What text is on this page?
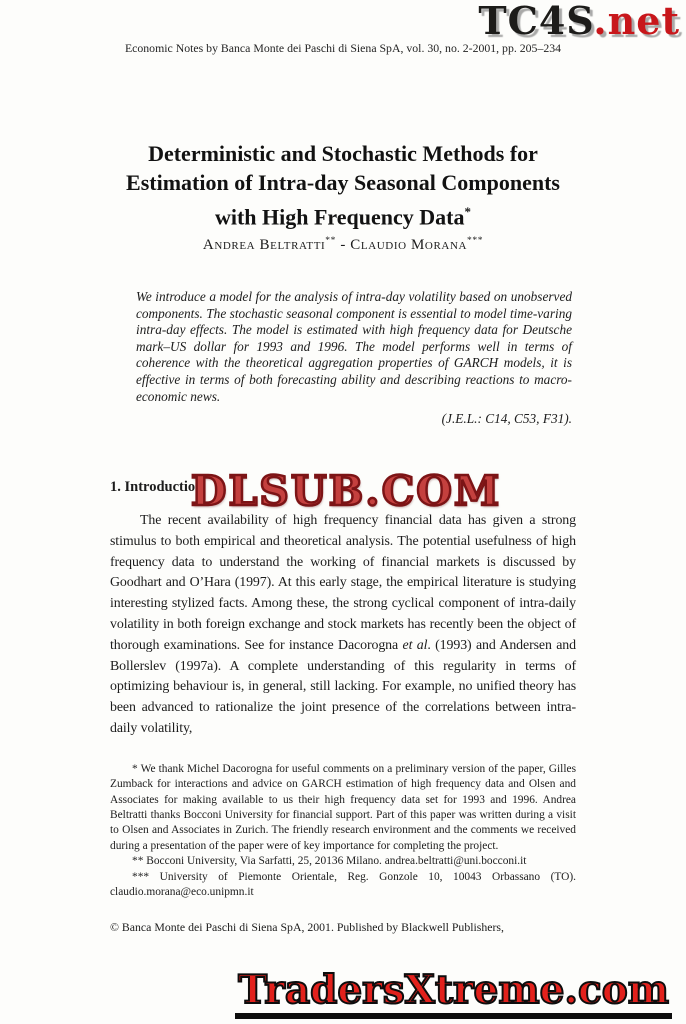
TC4S.net
Economic Notes by Banca Monte dei Paschi di Siena SpA, vol. 30, no. 2-2001, pp. 205–234
Deterministic and Stochastic Methods for
Estimation of Intra-day Seasonal Components
with High Frequency Data*
Andrea Beltratti** - Claudio Morana***

We introduce a model for the analysis of intra-day volatility based on unobserved components. The stochastic seasonal component is essential to model time-varing intra-day effects. The model is estimated with high frequency data for Deutsche mark–US dollar for 1993 and 1996. The model performs well in terms of coherence with the theoretical aggregation properties of GARCH models, it is effective in terms of both forecasting ability and describing reactions to macro-economic news.

(J.E.L.: C14, C53, F31).
DLSUB.COM
1. Introduction

The recent availability of high frequency financial data has given a strong stimulus to both empirical and theoretical analysis. The potential usefulness of high frequency data to understand the working of financial markets is discussed by Goodhart and O’Hara (1997). At this early stage, the empirical literature is studying interesting stylized facts. Among these, the strong cyclical component of intra-daily volatility in both foreign exchange and stock markets has recently been the object of thorough examinations. See for instance Dacorogna et al. (1993) and Andersen and Bollerslev (1997a). A complete understanding of this regularity in terms of optimizing behaviour is, in general, still lacking. For example, no unified theory has been advanced to rationalize the joint presence of the correlations between intra-daily volatility,

* We thank Michel Dacorogna for useful comments on a preliminary version of the paper, Gilles Zumback for interactions and advice on GARCH estimation of high frequency data and Olsen and Associates for making available to us their high frequency data set for 1993 and 1996. Andrea Beltratti thanks Bocconi University for financial support. Part of this paper was written during a visit to Olsen and Associates in Zurich. The friendly research environment and the comments we received during a presentation of the paper were of key importance for completing the project.

** Bocconi University, Via Sarfatti, 25, 20136 Milano. andrea.beltratti@uni.bocconi.it

*** University of Piemonte Orientale, Reg. Gonzole 10, 10043 Orbassano (TO). claudio.morana@eco.unipmn.it

© Banca Monte dei Paschi di Siena SpA, 2001. Published by Blackwell Publishers,
TradersXtreme.com
